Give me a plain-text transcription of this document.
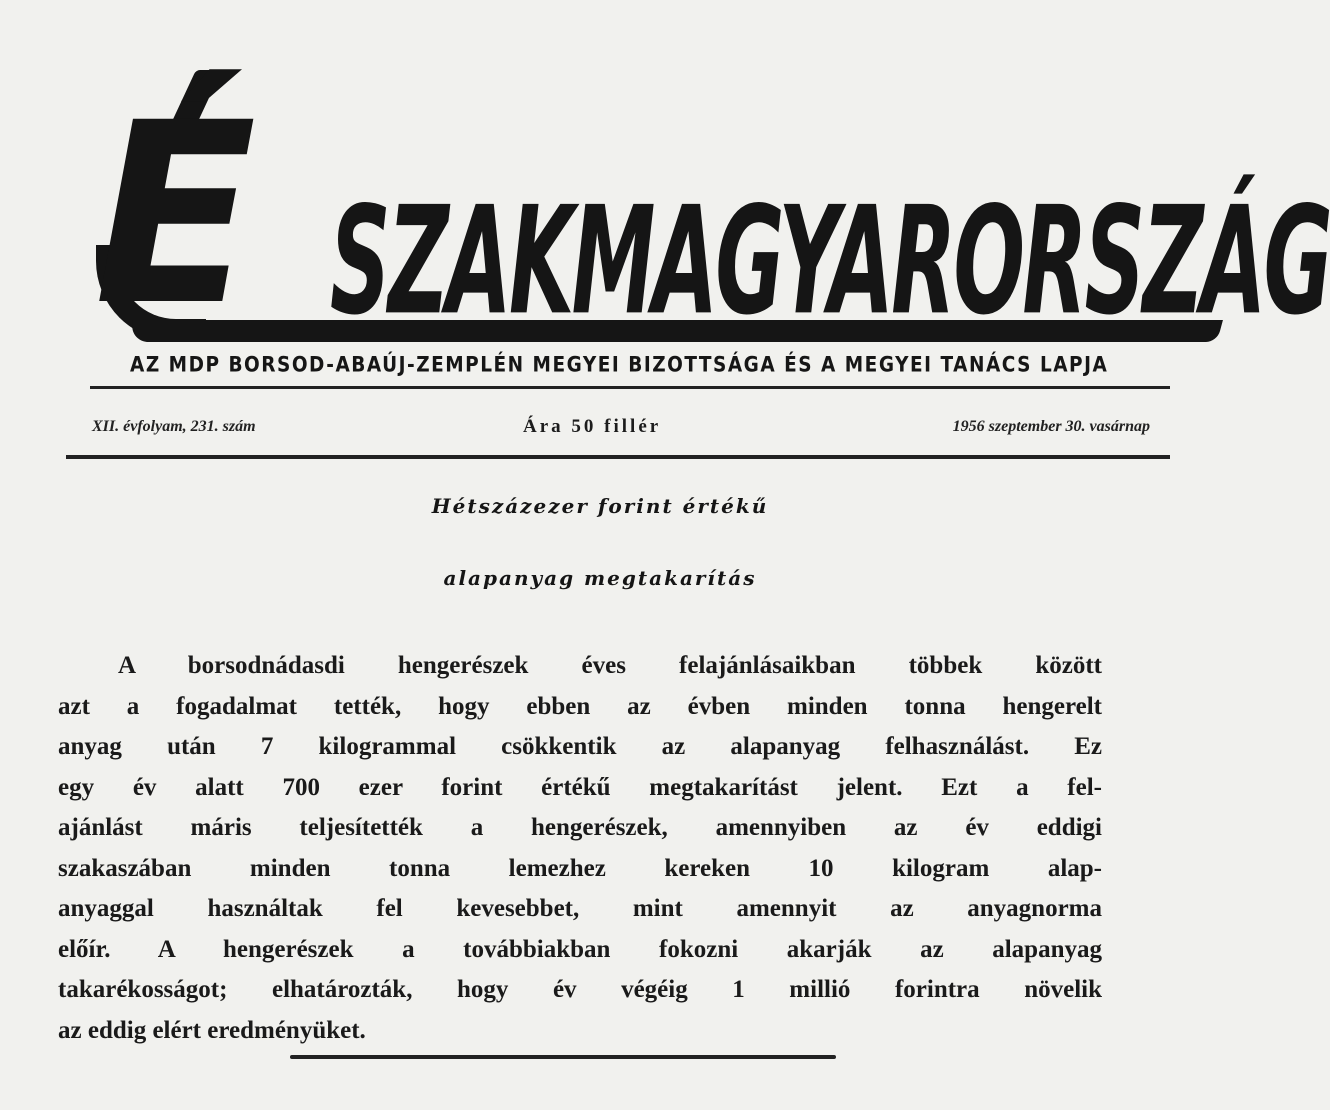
É SZAKMAGYARORSZÁG
AZ MDP BORSOD-ABAÚJ-ZEMPLÉN MEGYEI BIZOTTSÁGA ÉS A MEGYEI TANÁCS LAPJA
XII. évfolyam, 231. szám	Ára 50 fillér	1956 szeptember 30. vasárnap
Hétszázezer forint értékű
alapanyag megtakarítás
A borsodnádasdi hengerészek éves felajánlásaikban többek között
azt a fogadalmat tették, hogy ebben az évben minden tonna hengerelt
anyag után 7 kilogrammal csökkentik az alapanyag felhasználást. Ez
egy év alatt 700 ezer forint értékű megtakarítást jelent. Ezt a fel-
ajánlást máris teljesítették a hengerészek, amennyiben az év eddigi
szakaszában minden tonna lemezhez kereken 10 kilogram alap-
anyaggal használtak fel kevesebbet, mint amennyit az anyagnorma
előír. A hengerészek a továbbiakban fokozni akarják az alapanyag
takarékosságot; elhatározták, hogy év végéig 1 millió forintra növelik
az eddig elért eredményüket.
